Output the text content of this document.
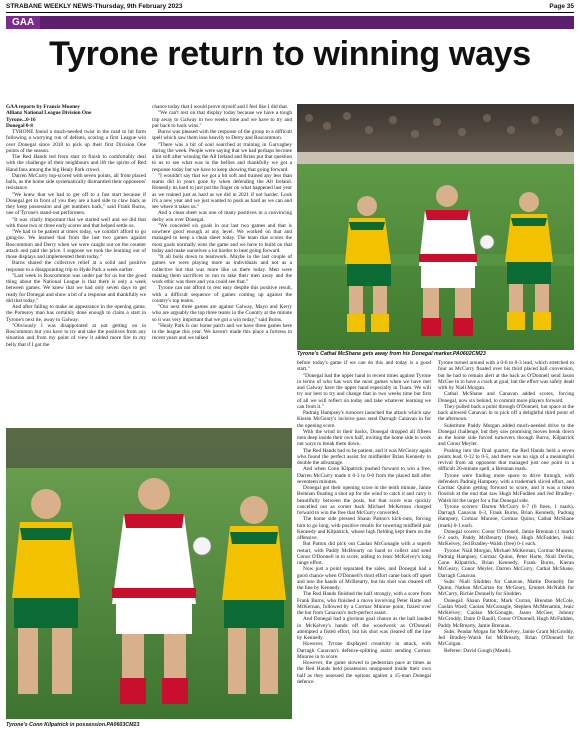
STRABANE WEEKLY NEWS-Thursday, 9th February 2023	Page 35
GAA
Tyrone return to winning ways
GAA reports by Francis Mooney
Allianz National League Division One
Tyrone...0-16
Donegal 0-8

TYRONE found a much-needed twist in the road to hit form following a worrying run of defeats, scoring a first League win over Donegal since 2018 to pick up their first Division One points of the season.

The Red Hands led from start to finish to comfortably deal with the challenge of their neighbours and lift the spirits of Red Hand fans among the big Healy Park crowd.

Darren McCurry top-scored with seven points, all from placed balls, as the home side systematically dismantled their opponents' resistance.

"We knew that we had to get off to a fast start because if Donegal get in front of you they are a hard side to claw back as they keep possession and get numbers back," said Frank Burns, one of Tyrone's stand-out performers.

"It was vitally important that we started well and we did that with those two or three early scores and that helped settle us.

"We had to be patient at times today, we couldn't afford to go gung-ho. We learned that from the last two games against Roscommon and Derry when we were caught out on the counter attack and paid the price. I suppose we took the learning out of those displays and implemented them today."

Burns shared the collective relief at a solid and positive response to a disappointing trip to Hyde Park a week earlier.

"Last week in Roscommon was under par for us but the good thing about the National League is that there is only a week between games. We knew that we had only seven days to get ready for Donegal and show a bit of a response and thankfully we did that today."

And after failing to make an appearance in the opening game, the Pomeroy man has certainly done enough to claim a start in Tyrone's next tie, away to Galway.

"Obviously I was disappointed at not getting on in Roscommon but you have to try and take the positives from any situation and from my point of view it added more fire to my belly that if I got the

chance today that I would prove myself and I feel like I did that.

"We can't rest on that display today because we have a tough trip away to Galway in two weeks time and we have to try and put back to back wins."

Burns was pleased with the response of the group to a difficult spell which saw them lose heavily to Derry and Roscommon.

"There was a bit of soul searched at training in Garvaghey during the week. People were saying that we had perhaps become a bit soft after winning the All Ireland and Brian put that question to us to see what was in the bellies and thankfully we got a response today but we have to keep showing that going forward.

"I wouldn't say that we got a bit soft and trained any less than teams did in years gone by when defending the All Ireland. Honestly its hard to just put the finger on what happened last year as we trained just as hard as we did in 2021 if not harder. Look it's a new year and we just wanted to push as hard as we can and see where it takes us."

And a clean sheet was one of many positives in a convincing derby win over Donegal.

"We conceded six goals in our last two games and that is nowhere good enough at any level. We worked on that and managed to keep a clean sheet today. The team that scores the most goals normally wins the game and we have to build on that today and make ourselves a lot harder to beat going forward.

"It all boils down to teamwork. Maybe in the last couple of games we were playing more as individuals and not as a collective but that was more like us there today. Men were making them sacrifices to run to take their men away and the work ethic was there and you could see that."

Tyrone can not afford to rest easy despite this positive result, with a difficult sequence of games coming up against the country's top teams.

"Our next three games are against Galway, Mayo and Kerry who are arguably the top three teams in the Country at the minute so it was very important that we got a win today," said Burns.

"Healy Park is our home patch and we have three games here in the league this year. We haven't made this place a fortress in recent years and we talked

Tyrone's Cathal McShane gets away from his Donegal marker.PA0602CM23

before today's game if we can do this and today is a good start."

"Donegal had the upper hand in recent times against Tyrone in terms of who has won the most games when we have met and Galway have the upper hand especially in Tuam. We will try our best to try and change that in two weeks time but first of all we will reflect on today and take whatever learning we can from it."

Padraig Hampsey's turnover launched the attack which saw Kieran McGeary's incisive pass send Darragh Canavan in for the opening score.

With the wind in their backs, Donegal dropped all fifteen men deep inside their own half, inviting the home side to work out ways to break them down.

The Red Hands had to be patient, and it was McGeary again who found the perfect assist for midfielder Brian Kennedy to double the advantage.

And when Conn Kilpatrick pushed forward to win a free, Darren McCurry made it 0-3 to 0-0 from the placed ball after seventeen minutes.

Donegal got their opening score in the tenth minute, Jamie Brennan floating a shot up for the wind to catch it and carry it beautifully between the posts, but that score was quickly cancelled out as corner back Michael McKernan charged forward to win the free that McCurry converted.

The home side pressed Shaun Patton's kick-outs, forcing him to go long, with positive results for towering midfield pair Kennedy and Kilpatrick, whose high fielding kept them on the offensive.

But Patton did pick out Caolan McGonagle with a superb restart, with Paddy McBrearty on hand to collect and send Conor O'Donnell in to score, adding to Jeaic McKelvey's long range effort.

Now just a point separated the sides, and Donegal had a good chance when O'Donnell's third effort came back off upset and into the hands of McBrearty, but his shot was cleared off the line by Kennedy.

The Red Hands finished the half strongly, with a score from Frank Burns, who finished a move involving Peter Harte and McKernan, followed by a Cormac Munroe point, fizzed over the bar from Canavan's inch-perfect assist.

And Donegal had a glorious goal chance as the ball landed in McKelvey's hands off the woodwork as O'Donnell attempted a fisted effort, but his shot was cleared off the line by Kennedy.

However, Tyrone displayed creativity in attack, with Darragh Canavan's defence-splitting assist sending Cormac Munroe in to score.

However, the game slowed to pedestrian pace at times as the Red Hands held possession unopposed inside their own half as they assessed the options against a 15-man Donegal defence.

Tyrone turned around with a 0-6 to 0-3 lead, which stretched to four as McCurry floated over his third placed ball conversion, but he had to remain alert at the back as O'Donnell send Jason McGee in to have a crack at goal, but the effort was safely dealt with by Niall Morgan.

Cathal McShane and Canavan added scores, forcing Donegal, now six behind, to commit more players forward.

They pulled back a point through O'Donnell, but space at the back allowed Canavan in to pick off a delightful third point of the afternoon.

Substitute Paddy Morgan added much-needed drive to the Donegal challenge, but they saw promising moves break down as the home side forced turnovers through Burns, Kilpatrick and Conor Meyler.

Pushing into the final quarter, the Red Hands held a seven points lead, 0-12 to 0-5, and there was no sign of a meaningful revival from an opponent that managed just one point in a difficult 20-minute spell, a Brennan mark.

Tyrone were finding more space to drive through, with defenders Padraig Hampsey, with a trademark sliced effort, and Cormac Quinn getting forward to score, and it was a token flourish at the end that saw Hugh McFadden and Jed Bradley-Walsh hit the target for a flat Donegal side.

Tyrone scorers: Darren McCurry 0-7 (6 frees, 1 mark), Darragh Canavan 0-3, Frank Burns, Brian Kennedy, Padraig Hampsey, Cormac Munroe, Cormac Quinn, Cathal McShane (mark) 0-1 each.

Donegal scorers: Conor O'Donnell, Jamie Brennan (1 mark) 0-2 each, Paddy McBrearty (free), Hugh McFadden, Jeaic McKelvey, Jed Bradley-Walsh (free) 0-1 each.

Tyrone: Niall Morgan, Michael McKernan, Cormac Munroe, Padraig Hampsey, Cormac Quinn, Peter Harte, Niall Devlin, Conn Kilpatrick, Brian Kennedy, Frank Burns, Kieran McGeary, Conor Meyler, Darren McCurry, Cathal McShane, Darragh Canavan.

Subs: Niall Sludden for Canavan, Mattie Donnelly for Quinn, Nathan McCartan for McGeary, Emmet McNabb for McCurry, Richie Donnelly for Sludden.

Donegal: Shaun Patton; Mark Curran, Brendan McCole, Caolan Ward; Caolan McGonagle, Stephen McMenamin, Jeaic McKelvey; Caolan McGonagle, Jason McGee; Johnny McGroddy, Daire O Baoill, Conor O'Donnell, Hugh McFadden, Paddy McBrearty, Jamie Brennan.

Subs: Peadar Mogan for McKelvey, Jamie Grant McGroddy, Jed Bradley-Walsh for McBrearty, Brian O'Donnell for McColgan.

Referee: David Gough (Meath).

Tyrone's Conn Kilpatrick in possession.PA0603CM23
